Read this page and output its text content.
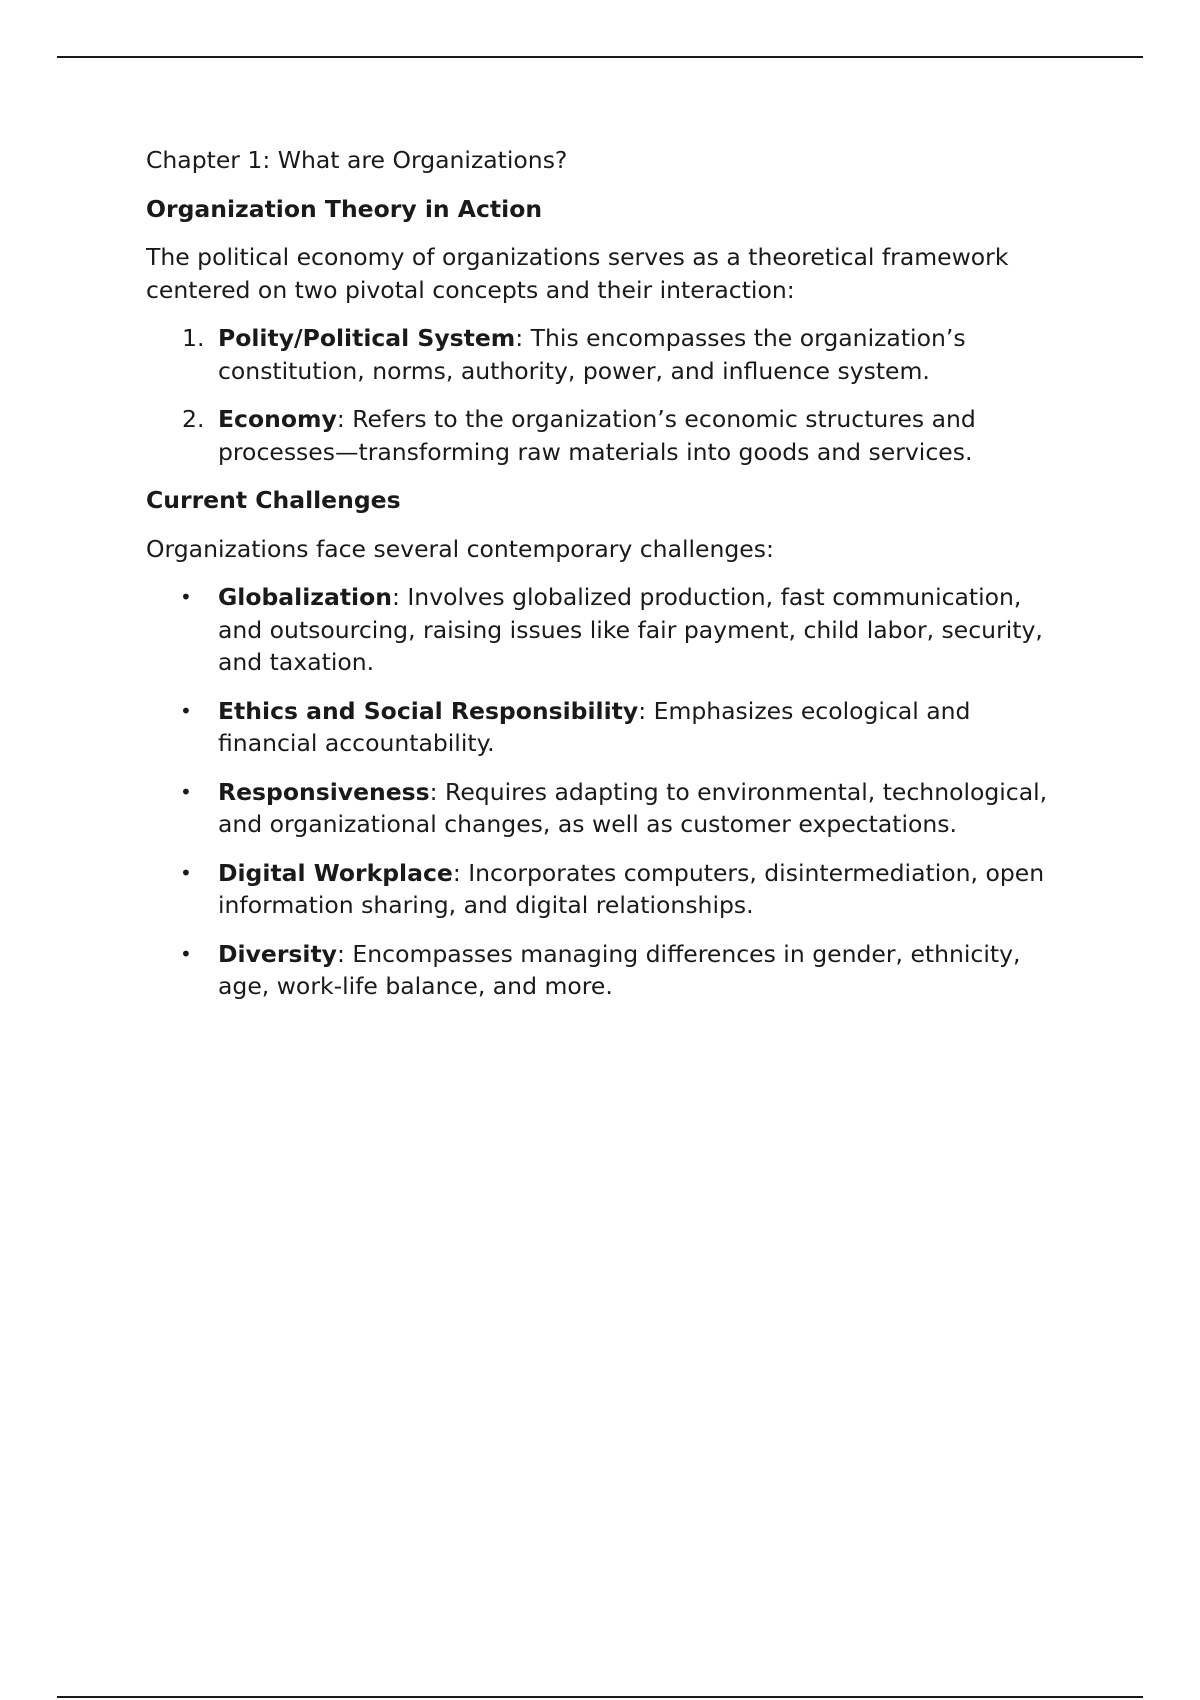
Chapter 1: What are Organizations?

Organization Theory in Action

The political economy of organizations serves as a theoretical framework centered on two pivotal concepts and their interaction:

1. Polity/Political System: This encompasses the organization’s constitution, norms, authority, power, and influence system.
2. Economy: Refers to the organization’s economic structures and processes—transforming raw materials into goods and services.

Current Challenges

Organizations face several contemporary challenges:

• Globalization: Involves globalized production, fast communication, and outsourcing, raising issues like fair payment, child labor, security, and taxation.
• Ethics and Social Responsibility: Emphasizes ecological and financial accountability.
• Responsiveness: Requires adapting to environmental, technological, and organizational changes, as well as customer expectations.
• Digital Workplace: Incorporates computers, disintermediation, open information sharing, and digital relationships.
• Diversity: Encompasses managing differences in gender, ethnicity, age, work-life balance, and more.
